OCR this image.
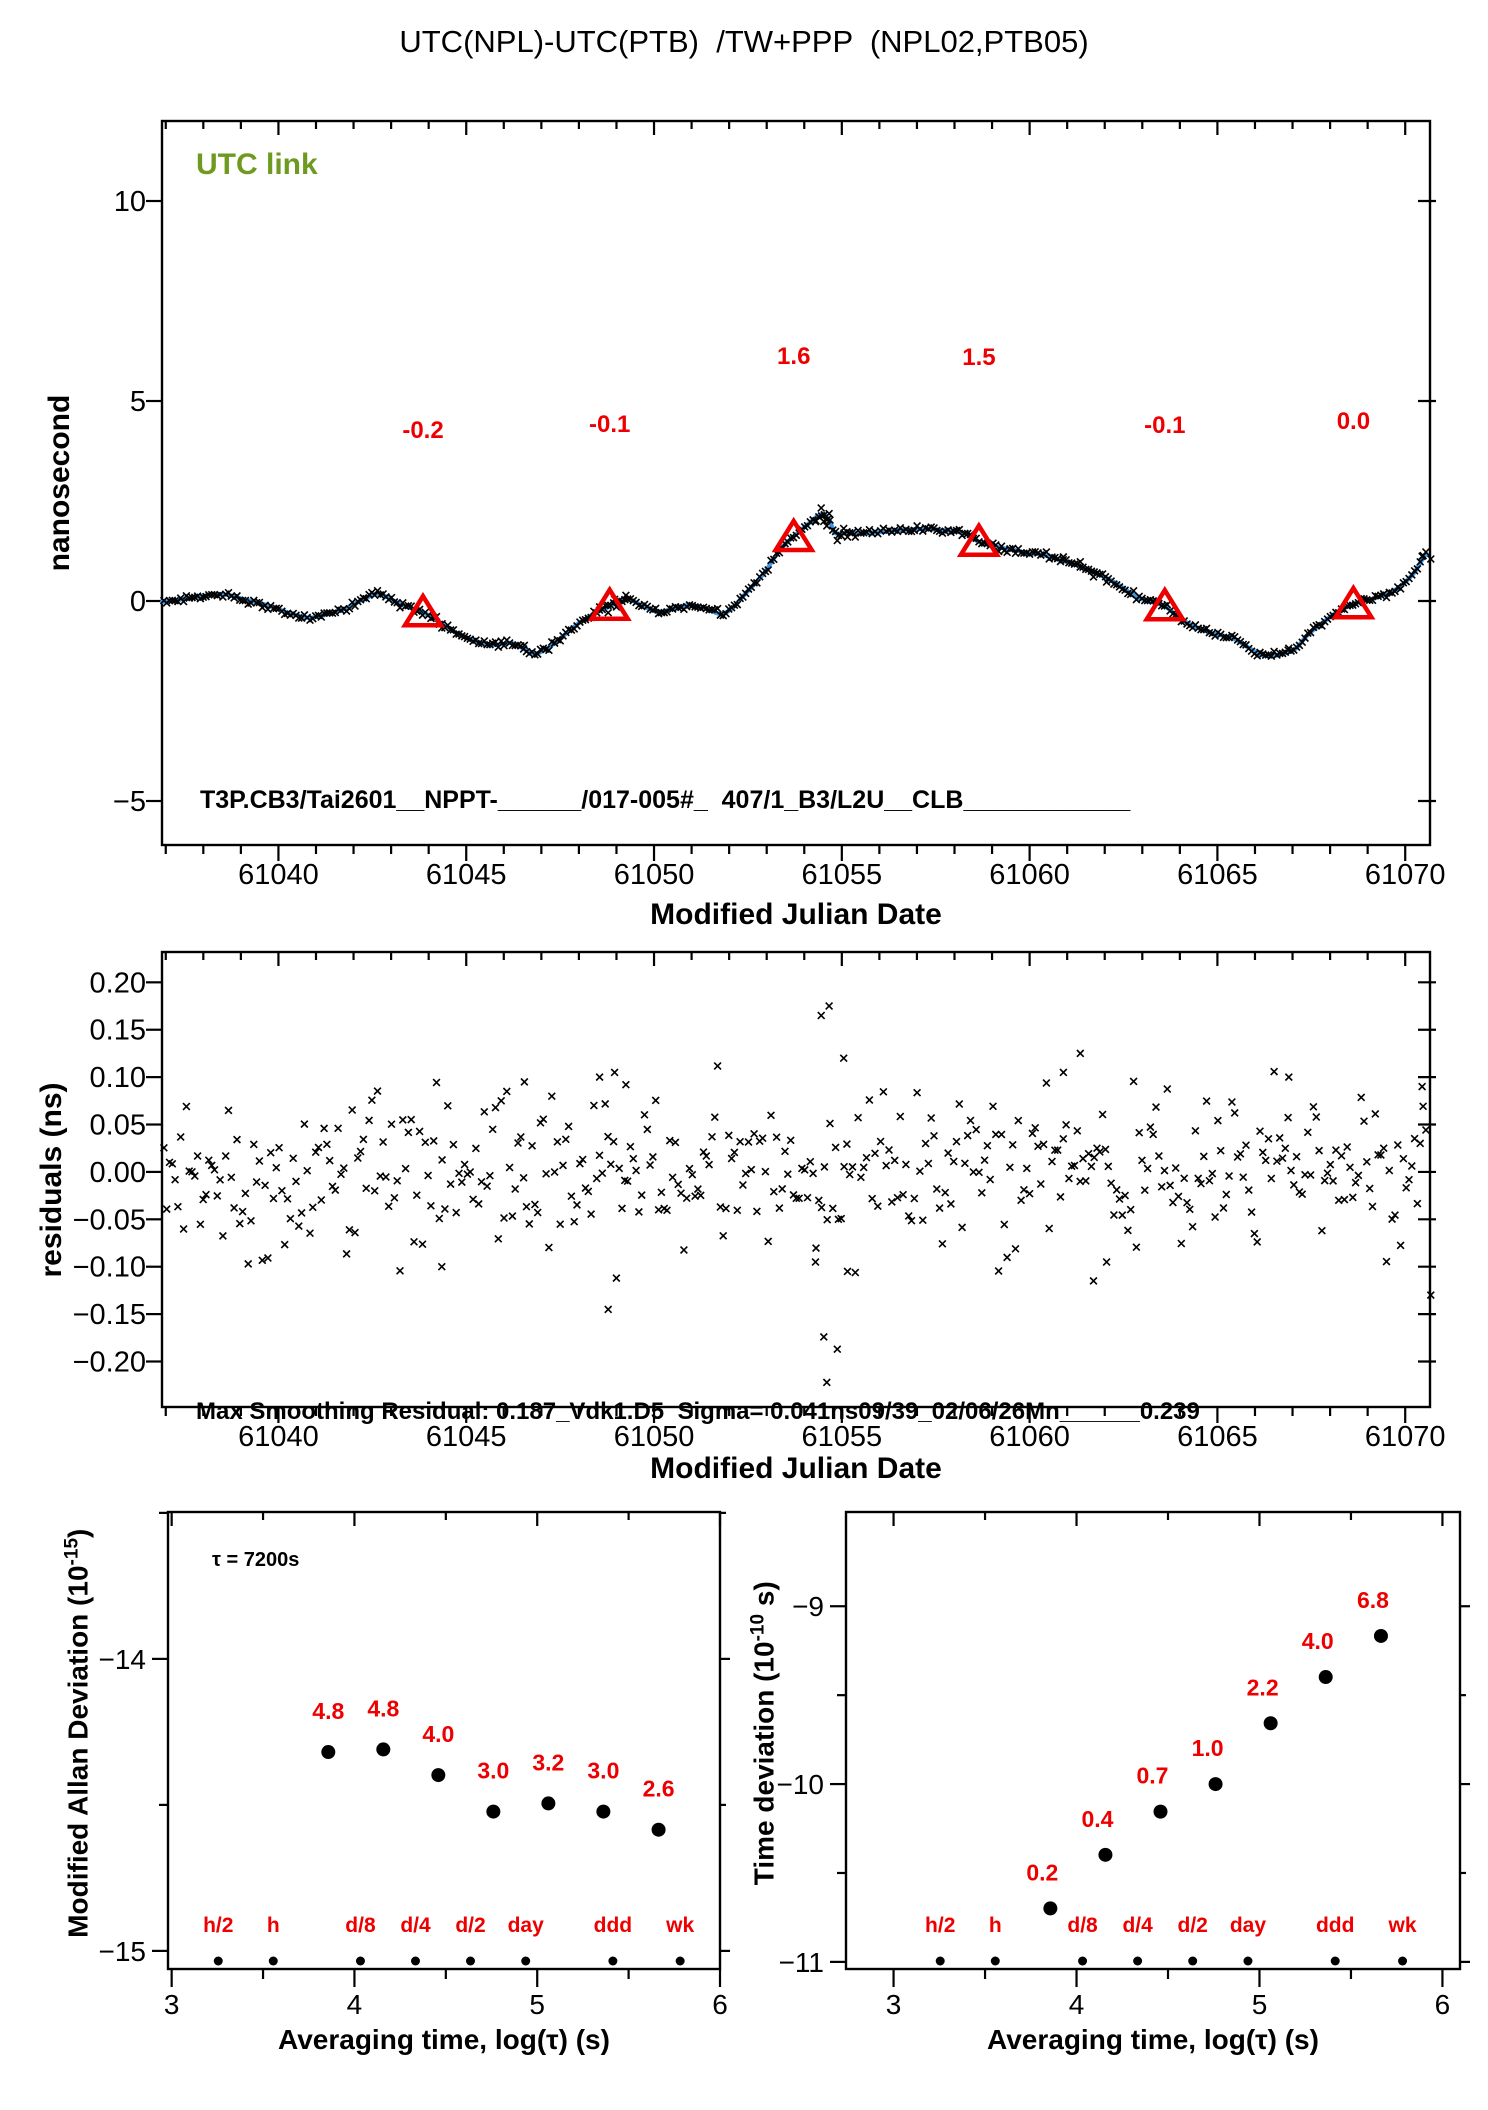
61040	61045	61050	61055	61060	61065	61070
10
5
0
−5
-0.2	-0.1
1.6	1.5
-0.1	0.0
61040	61045	61050	61055	61060	61065	61070
0.20
0.15
0.10
0.05
0.00
−0.05
−0.10
−0.15
−0.20
3	4	5	6
−14
−15
h/2 h	d/8 d/4 d/2 day ddd wk
4.8 4.8
4.0
3.0 3.2 3.0
2.6
3	4	5	6
−9
−10
−11
h/2 h	d/8 d/4 d/2 day ddd wk
0.2
0.4
0.7
1.0
2.2
4.0
6.8
UTC(NPL)-UTC(PTB)  /TW+PPP  (NPL02,PTB05)
UTC link
T3P.CB3/Tai2601__NPPT-______/017-005#_  407/1_B3/L2U__CLB____________
Modified Julian Date
nanosecond
residuals (ns)
Max Smoothing Residual: 0.187_Vdk1.D5  Sigma= 0.041ns09/39_02/06/26Mn______0.239
Modified Julian Date
τ = 7200s

Modified Allan Deviation $(10^{-15})$

Time deviation ($10^{-10}$ s)

Averaging time, log(τ) (s)	Averaging time, log(τ) (s)
